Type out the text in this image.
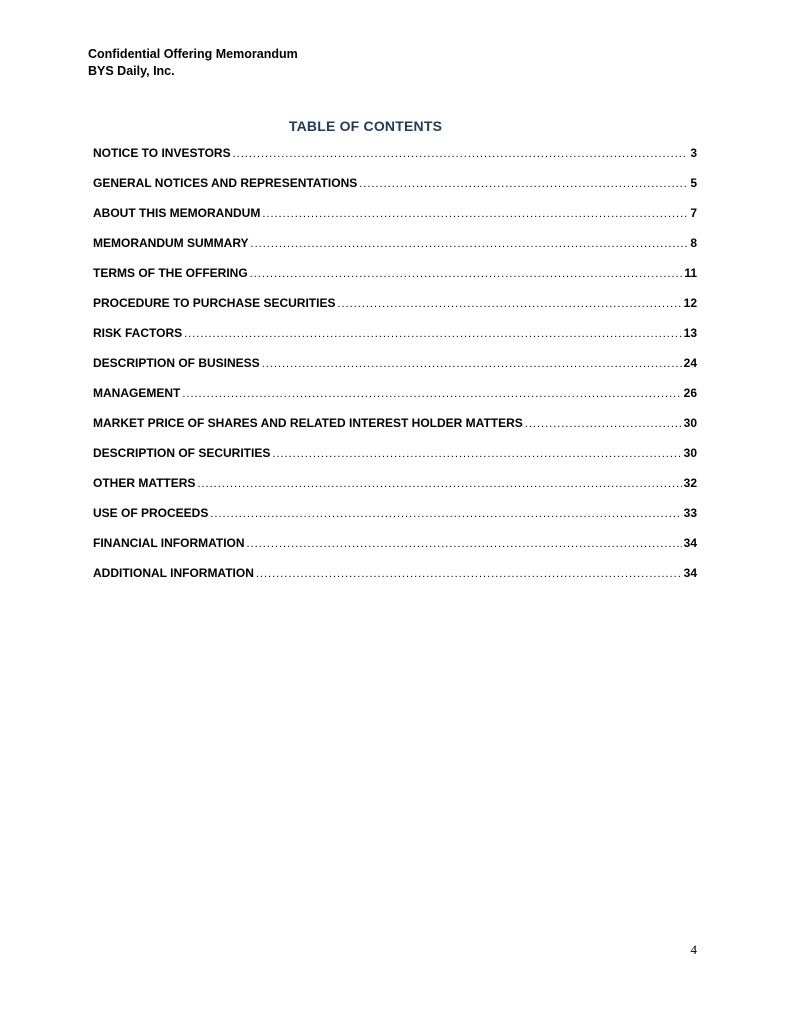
Confidential Offering Memorandum
BYS Daily, Inc.
TABLE OF CONTENTS
NOTICE TO INVESTORS .....	3
GENERAL NOTICES AND REPRESENTATIONS .....	5
ABOUT THIS MEMORANDUM .....	7
MEMORANDUM SUMMARY .....	8
TERMS OF THE OFFERING .....	11
PROCEDURE TO PURCHASE SECURITIES .....	12
RISK FACTORS .....	13
DESCRIPTION OF BUSINESS .....	24
MANAGEMENT .....	26
MARKET PRICE OF SHARES AND RELATED INTEREST HOLDER MATTERS .....	30
DESCRIPTION OF SECURITIES .....	30
OTHER MATTERS .....	32
USE OF PROCEEDS .....	33
FINANCIAL INFORMATION .....	34
ADDITIONAL INFORMATION .....	34
4
